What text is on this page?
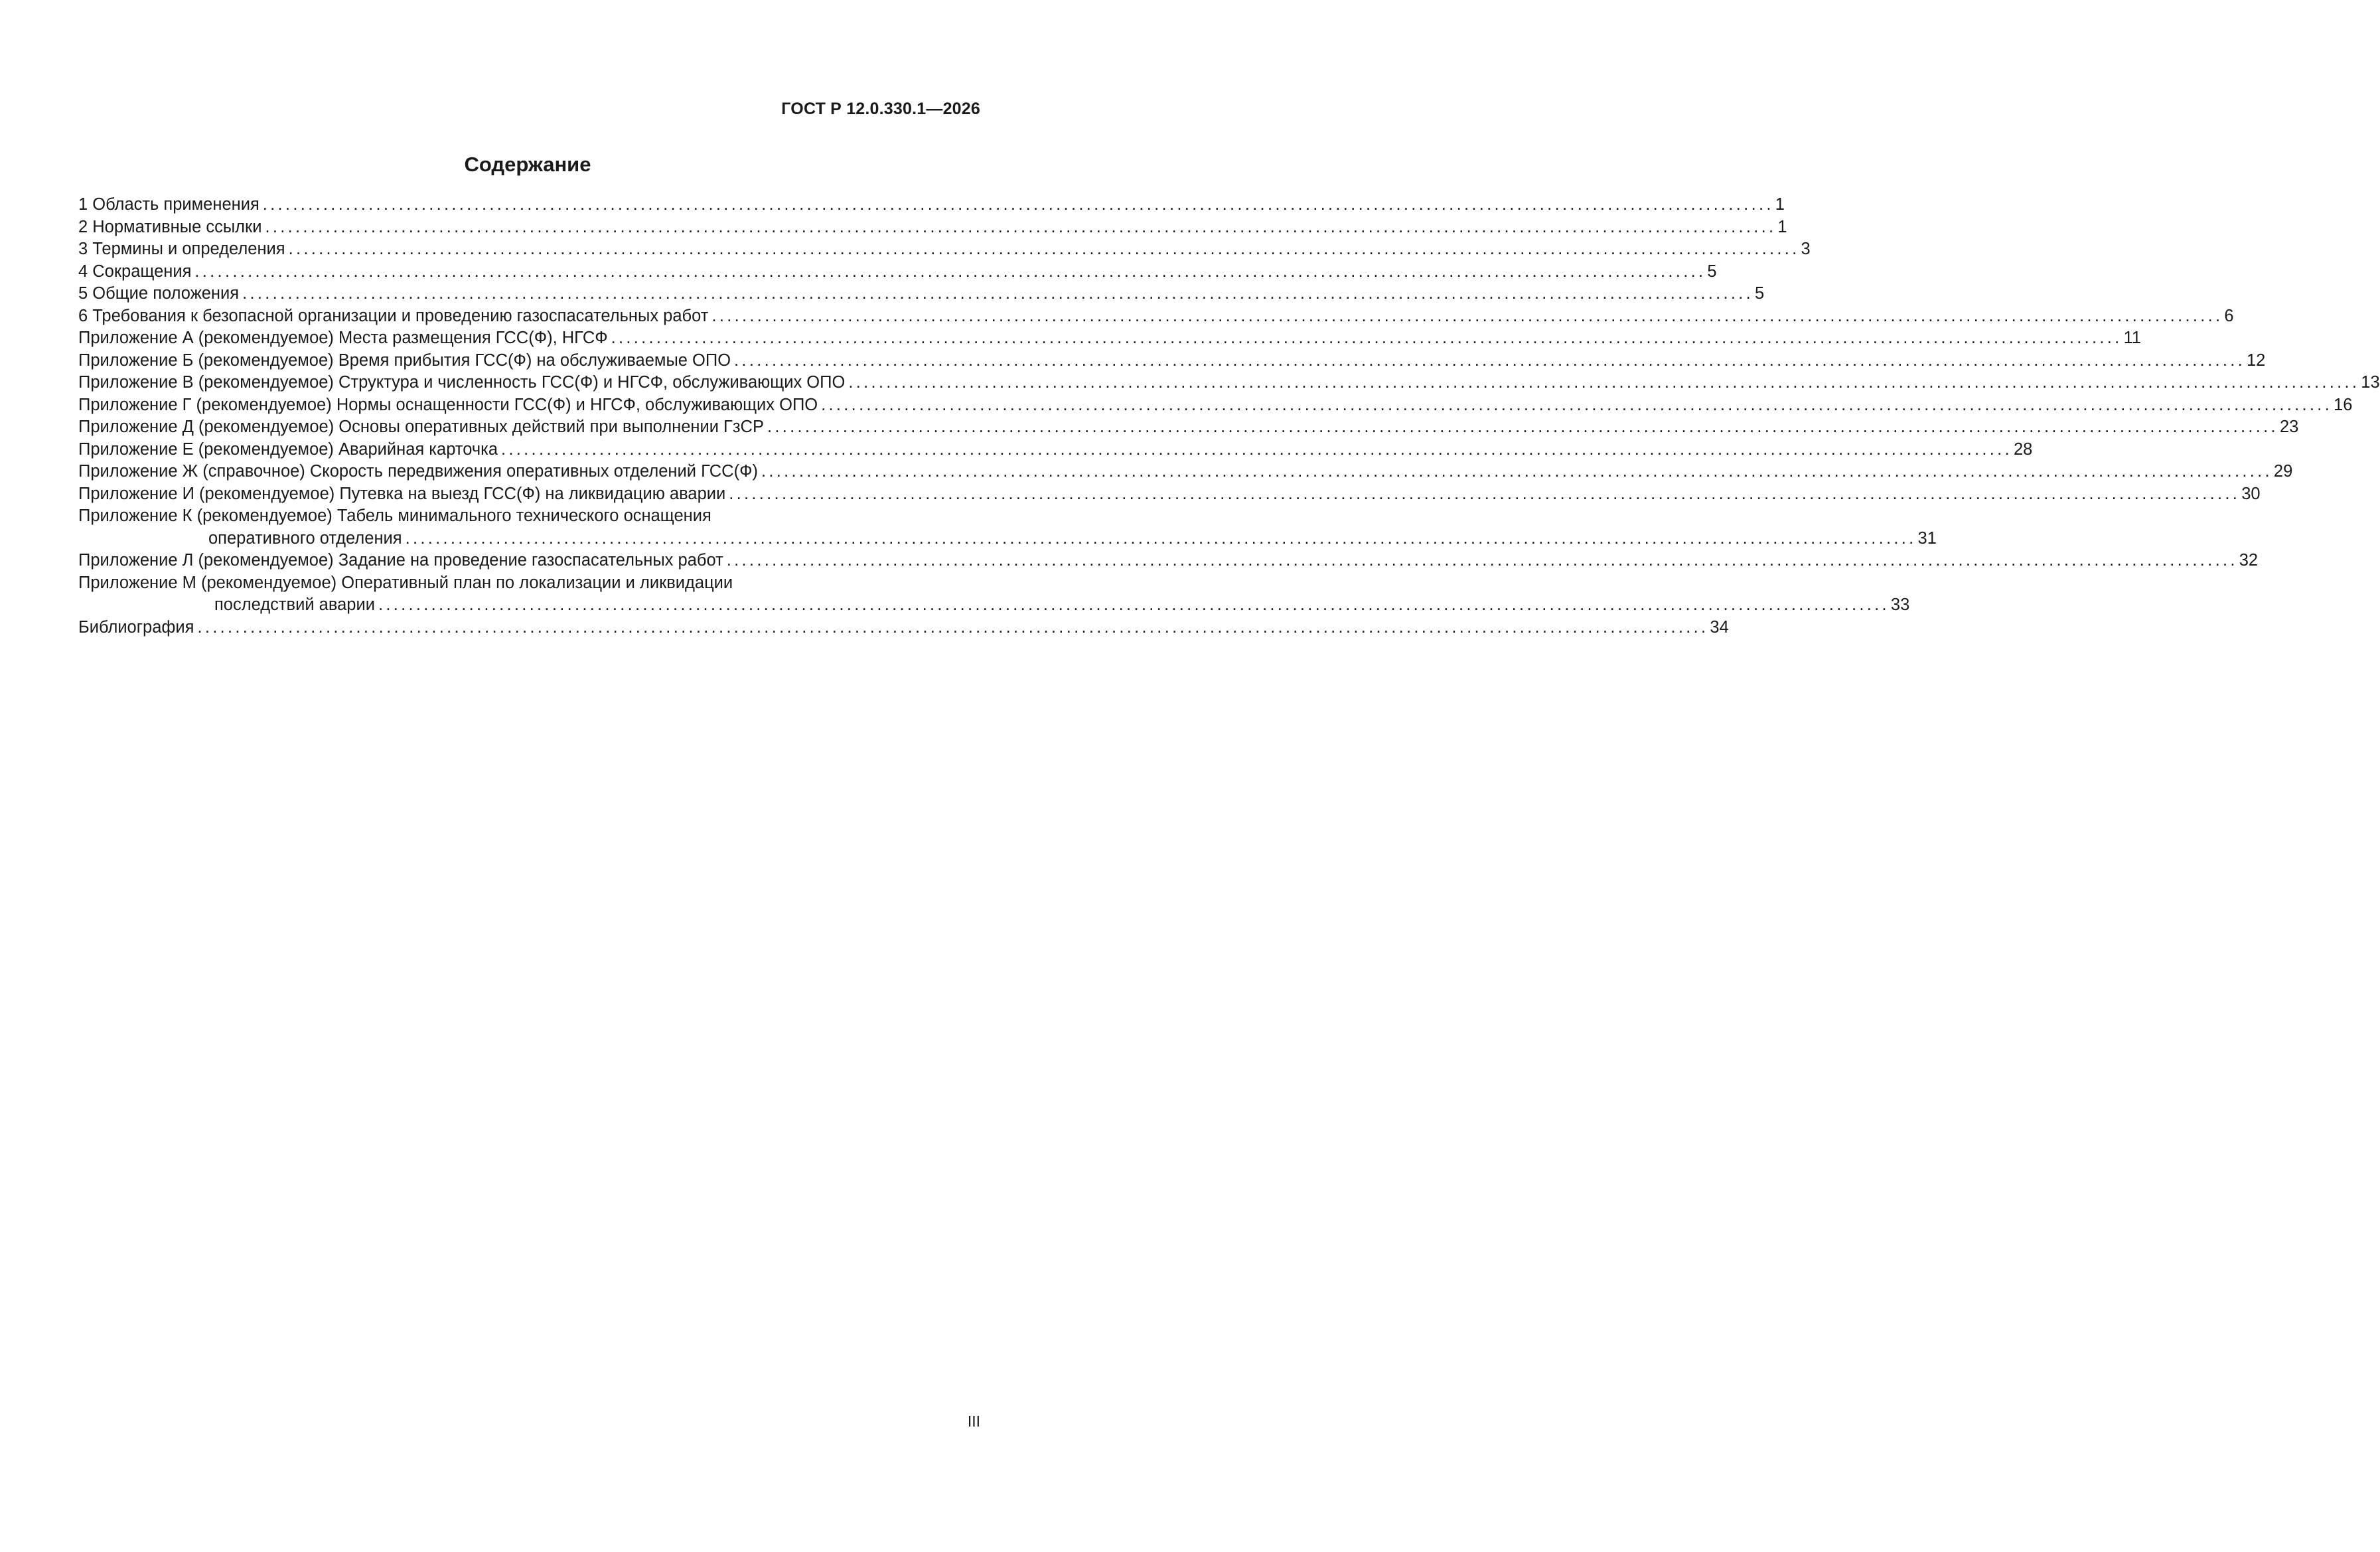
ГОСТ Р 12.0.330.1—2026
Содержание
1 Область применения ........................................................................................................................................................................................................ 1
2 Нормативные ссылки ........................................................................................................................................................................................................ 1
3 Термины и определения ........................................................................................................................................................................................................ 3
4 Сокращения ........................................................................................................................................................................................................ 5
5 Общие положения ........................................................................................................................................................................................................ 5
6 Требования к безопасной организации и проведению газоспасательных работ ........................................................................................................................................................................................................ 6
Приложение А (рекомендуемое) Места размещения ГСС(Ф), НГСФ ........................................................................................................................................................................................................ 11
Приложение Б (рекомендуемое) Время прибытия ГСС(Ф) на обслуживаемые ОПО ........................................................................................................................................................................................................ 12
Приложение В (рекомендуемое) Структура и численность ГСС(Ф) и НГСФ, обслуживающих ОПО ........................................................................................................................................................................................................ 13
Приложение Г (рекомендуемое) Нормы оснащенности ГСС(Ф) и НГСФ, обслуживающих ОПО ........................................................................................................................................................................................................ 16
Приложение Д (рекомендуемое) Основы оперативных действий при выполнении ГзСР ........................................................................................................................................................................................................ 23
Приложение Е (рекомендуемое) Аварийная карточка ........................................................................................................................................................................................................ 28
Приложение Ж (справочное) Скорость передвижения оперативных отделений ГСС(Ф) ........................................................................................................................................................................................................ 29
Приложение И (рекомендуемое) Путевка на выезд ГСС(Ф) на ликвидацию аварии ........................................................................................................................................................................................................ 30
Приложение К (рекомендуемое) Табель минимального технического оснащения
оперативного отделения ........................................................................................................................................................................................................ 31
Приложение Л (рекомендуемое) Задание на проведение газоспасательных работ ........................................................................................................................................................................................................ 32
Приложение М (рекомендуемое) Оперативный план по локализации и ликвидации
последствий аварии ........................................................................................................................................................................................................ 33
Библиография ........................................................................................................................................................................................................ 34
III
